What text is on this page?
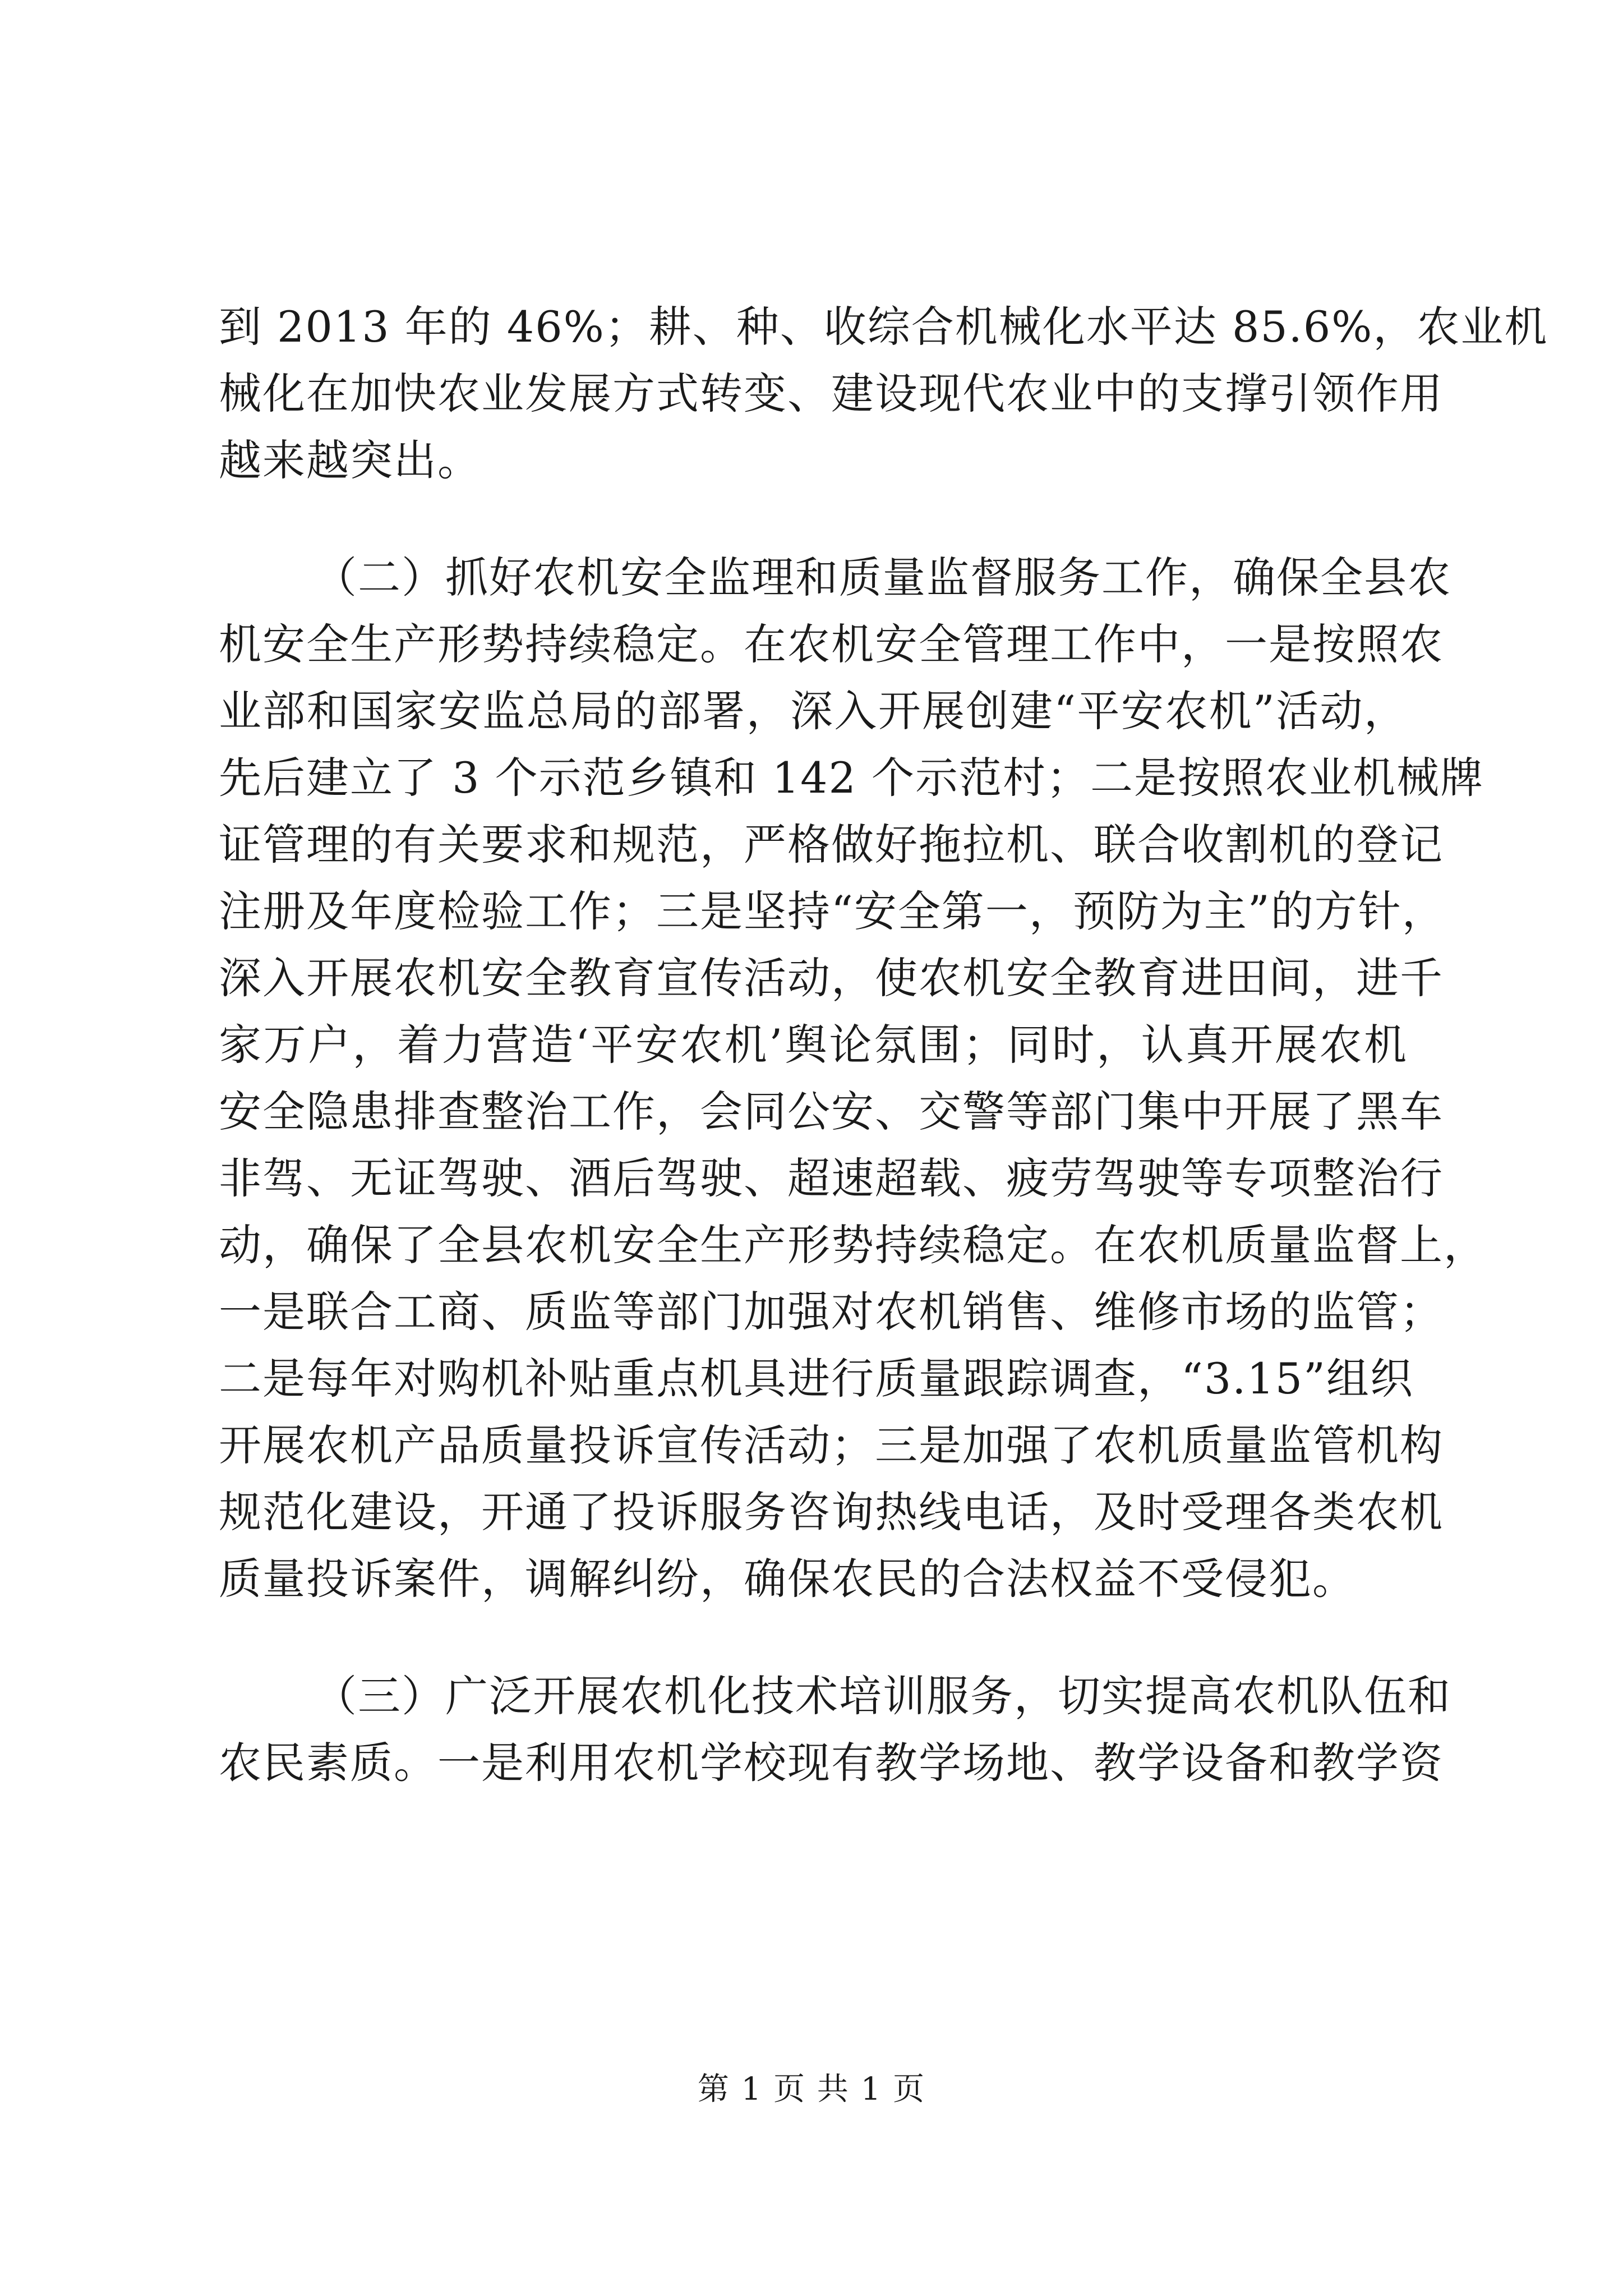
到 2013 年的 46%；耕、种、收综合机械化水平达 85.6%，农业机
械化在加快农业发展方式转变、建设现代农业中的支撑引领作用
越来越突出。
（二）抓好农机安全监理和质量监督服务工作，确保全县农
机安全生产形势持续稳定。在农机安全管理工作中，一是按照农
业部和国家安监总局的部署，深入开展创建“平安农机”活动，
先后建立了 3 个示范乡镇和 142 个示范村；二是按照农业机械牌
证管理的有关要求和规范，严格做好拖拉机、联合收割机的登记
注册及年度检验工作；三是坚持“安全第一，预防为主”的方针，
深入开展农机安全教育宣传活动，使农机安全教育进田间，进千
家万户，着力营造‘平安农机’舆论氛围；同时，认真开展农机
安全隐患排查整治工作，会同公安、交警等部门集中开展了黑车
非驾、无证驾驶、酒后驾驶、超速超载、疲劳驾驶等专项整治行
动，确保了全县农机安全生产形势持续稳定。在农机质量监督上，
一是联合工商、质监等部门加强对农机销售、维修市场的监管；
二是每年对购机补贴重点机具进行质量跟踪调查，“3.15”组织
开展农机产品质量投诉宣传活动；三是加强了农机质量监管机构
规范化建设，开通了投诉服务咨询热线电话，及时受理各类农机
质量投诉案件，调解纠纷，确保农民的合法权益不受侵犯。
（三）广泛开展农机化技术培训服务，切实提高农机队伍和
农民素质。一是利用农机学校现有教学场地、教学设备和教学资
第 1 页 共 1 页
